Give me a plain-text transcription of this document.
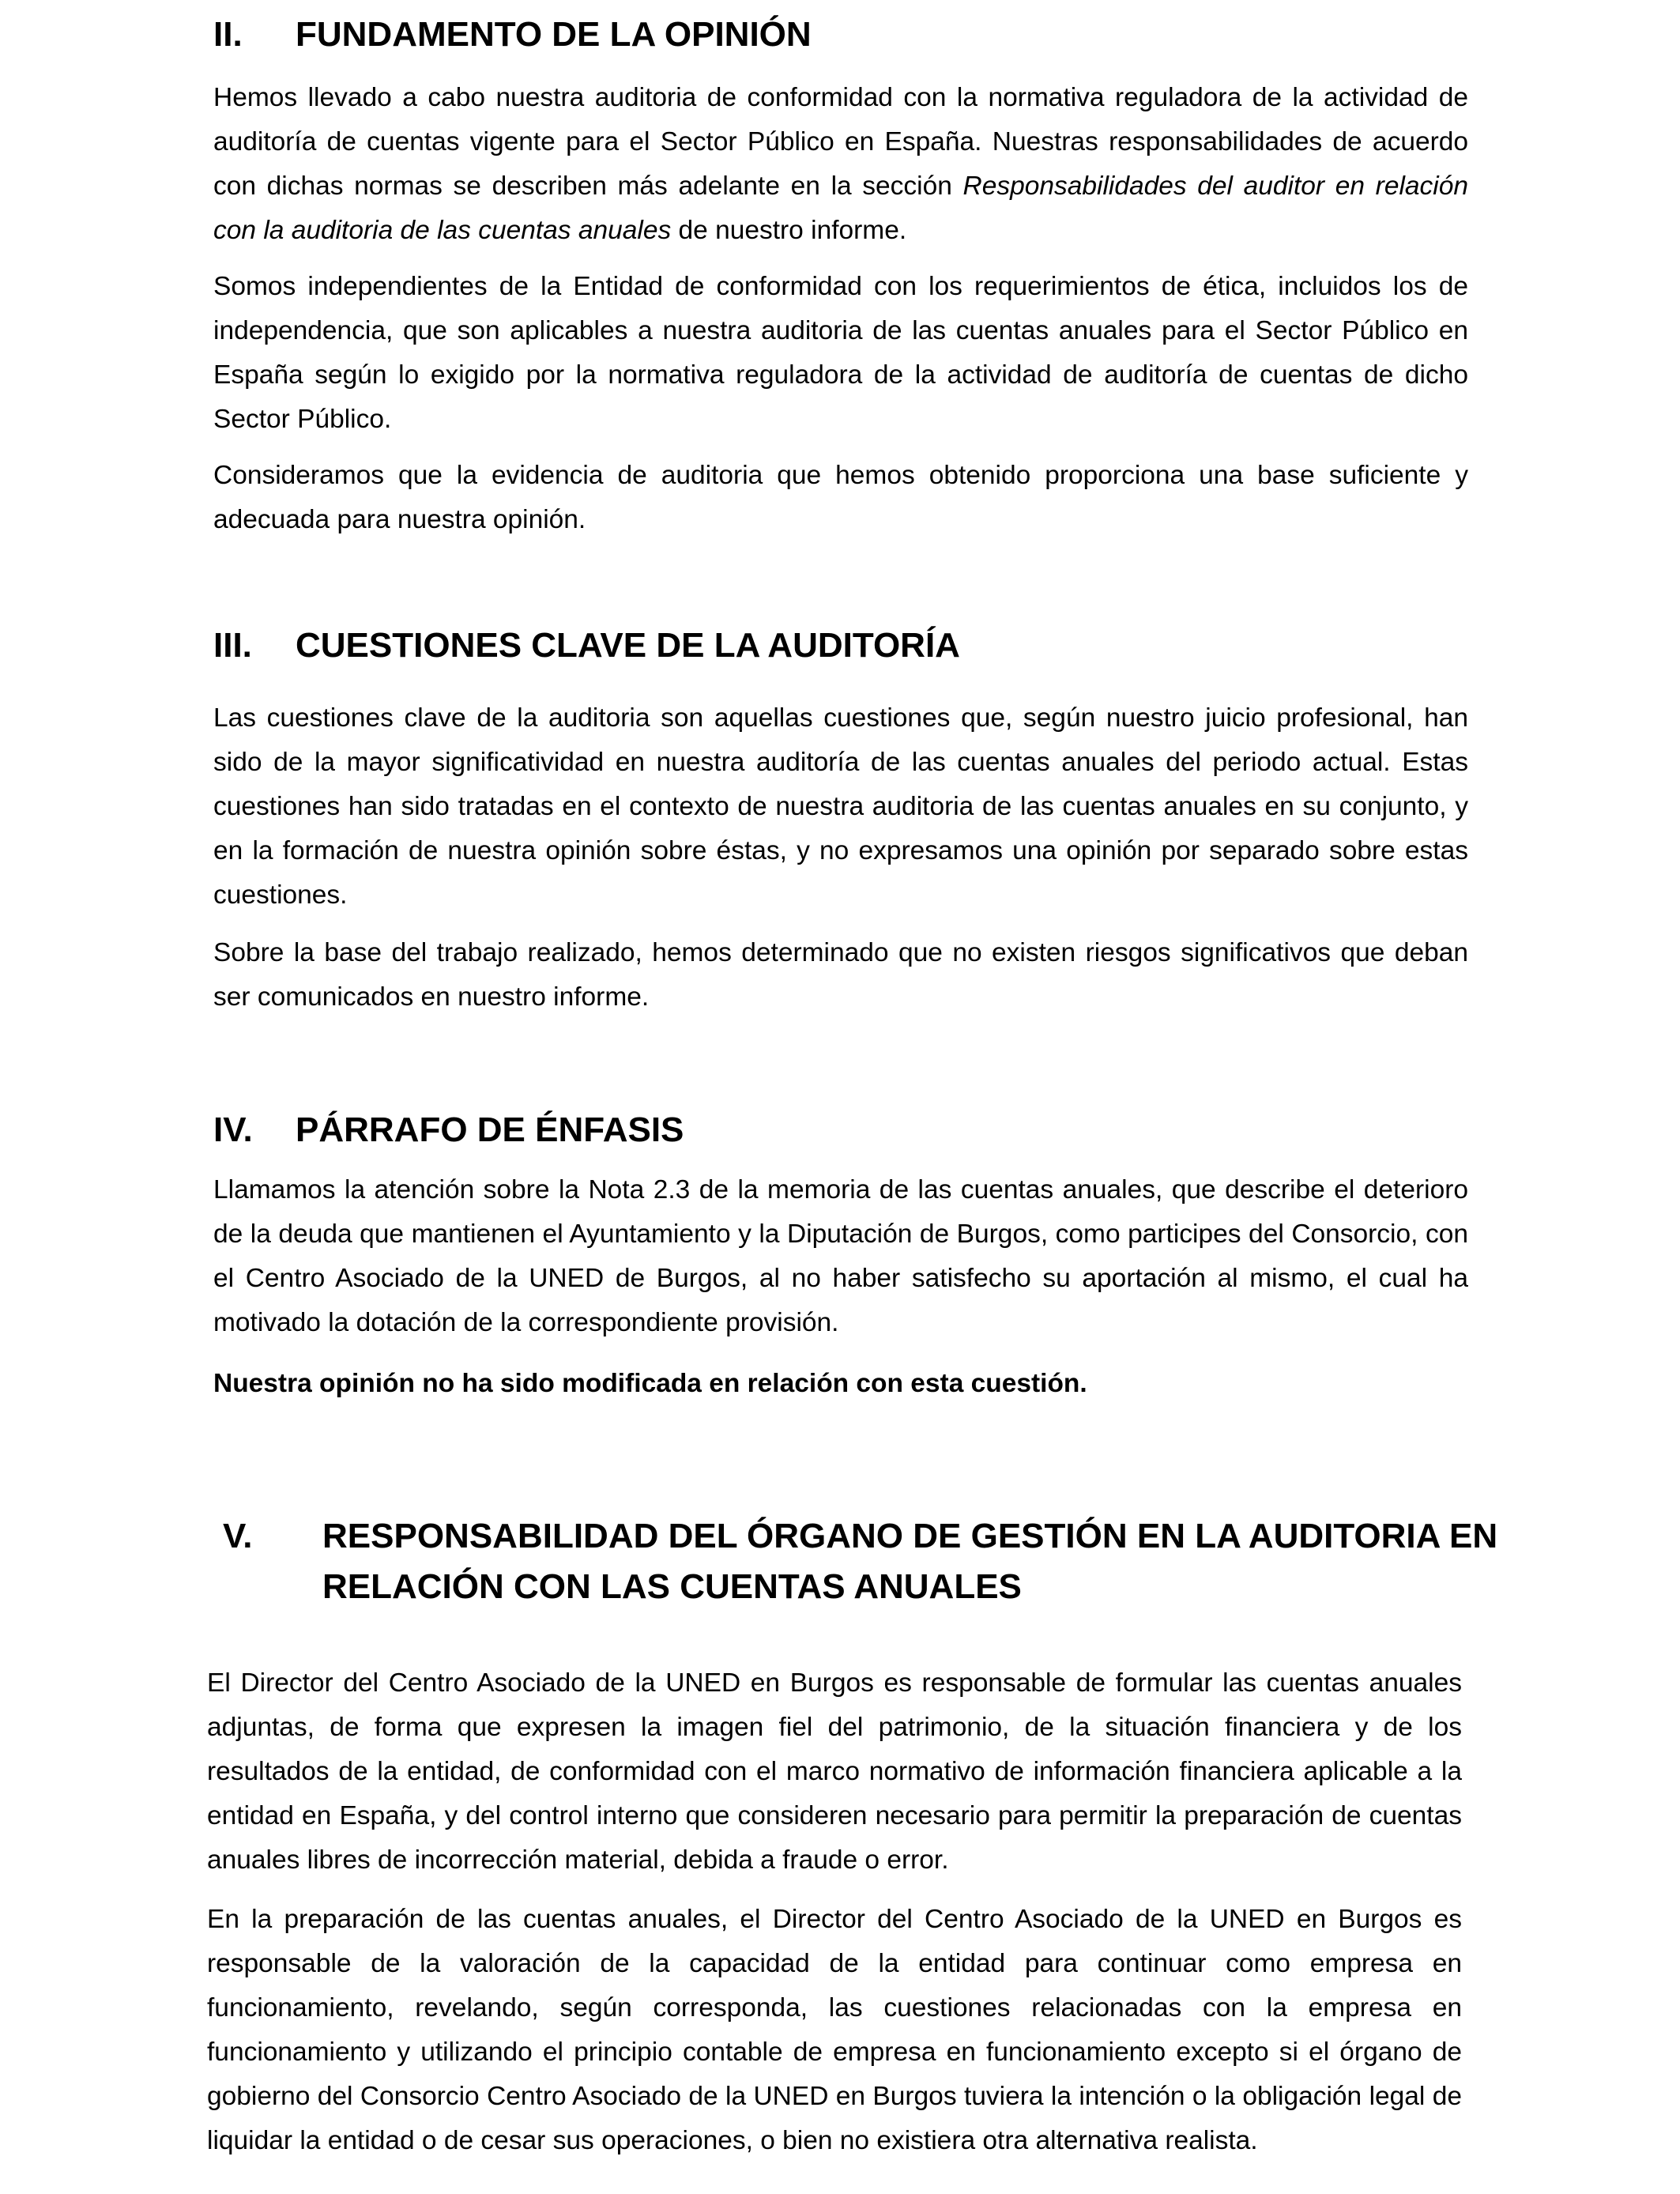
II. FUNDAMENTO DE LA OPINIÓN

Hemos llevado a cabo nuestra auditoria de conformidad con la normativa reguladora de la actividad de auditoría de cuentas vigente para el Sector Público en España. Nuestras responsabilidades de acuerdo con dichas normas se describen más adelante en la sección Responsabilidades del auditor en relación con la auditoria de las cuentas anuales de nuestro informe.

Somos independientes de la Entidad de conformidad con los requerimientos de ética, incluidos los de independencia, que son aplicables a nuestra auditoria de las cuentas anuales para el Sector Público en España según lo exigido por la normativa reguladora de la actividad de auditoría de cuentas de dicho Sector Público.

Consideramos que la evidencia de auditoria que hemos obtenido proporciona una base suficiente y adecuada para nuestra opinión.

III. CUESTIONES CLAVE DE LA AUDITORÍA

Las cuestiones clave de la auditoria son aquellas cuestiones que, según nuestro juicio profesional, han sido de la mayor significatividad en nuestra auditoría de las cuentas anuales del periodo actual. Estas cuestiones han sido tratadas en el contexto de nuestra auditoria de las cuentas anuales en su conjunto, y en la formación de nuestra opinión sobre éstas, y no expresamos una opinión por separado sobre estas cuestiones.

Sobre la base del trabajo realizado, hemos determinado que no existen riesgos significativos que deban ser comunicados en nuestro informe.

IV. PÁRRAFO DE ÉNFASIS

Llamamos la atención sobre la Nota 2.3 de la memoria de las cuentas anuales, que describe el deterioro de la deuda que mantienen el Ayuntamiento y la Diputación de Burgos, como participes del Consorcio, con el Centro Asociado de la UNED de Burgos, al no haber satisfecho su aportación al mismo, el cual ha motivado la dotación de la correspondiente provisión.

Nuestra opinión no ha sido modificada en relación con esta cuestión.

V. RESPONSABILIDAD DEL ÓRGANO DE GESTIÓN EN LA AUDITORIA EN
RELACIÓN CON LAS CUENTAS ANUALES

El Director del Centro Asociado de la UNED en Burgos es responsable de formular las cuentas anuales adjuntas, de forma que expresen la imagen fiel del patrimonio, de la situación financiera y de los resultados de la entidad, de conformidad con el marco normativo de información financiera aplicable a la entidad en España, y del control interno que consideren necesario para permitir la preparación de cuentas anuales libres de incorrección material, debida a fraude o error.

En la preparación de las cuentas anuales, el Director del Centro Asociado de la UNED en Burgos es responsable de la valoración de la capacidad de la entidad para continuar como empresa en funcionamiento, revelando, según corresponda, las cuestiones relacionadas con la empresa en funcionamiento y utilizando el principio contable de empresa en funcionamiento excepto si el órgano de gobierno del Consorcio Centro Asociado de la UNED en Burgos tuviera la intención o la obligación legal de liquidar la entidad o de cesar sus operaciones, o bien no existiera otra alternativa realista.
